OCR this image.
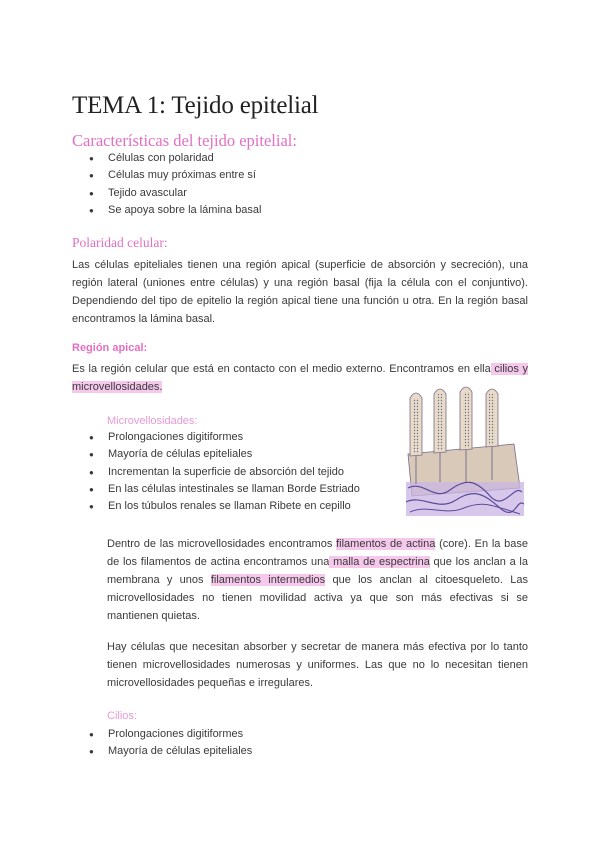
TEMA 1: Tejido epitelial
Características del tejido epitelial:
● Células con polaridad
● Células muy próximas entre sí
● Tejido avascular
● Se apoya sobre la lámina basal
Polaridad celular:

Las células epiteliales tienen una región apical (superficie de absorción y secreción), una región lateral (uniones entre células) y una región basal (fija la célula con el conjuntivo). Dependiendo del tipo de epitelio la región apical tiene una función u otra. En la región basal encontramos la lámina basal.

Región apical:

Es la región celular que está en contacto con el medio externo. Encontramos en ella cilios y microvellosidades.

Microvellosidades:
● Prolongaciones digitiformes
● Mayoría de células epiteliales
● Incrementan la superficie de absorción del tejido
● En las células intestinales se llaman Borde Estriado
● En los túbulos renales se llaman Ribete en cepillo

Dentro de las microvellosidades encontramos filamentos de actina (core). En la base de los filamentos de actina encontramos una malla de espectrina que los anclan a la membrana y unos filamentos intermedios que los anclan al citoesqueleto. Las microvellosidades no tienen movilidad activa ya que son más efectivas si se mantienen quietas.

Hay células que necesitan absorber y secretar de manera más efectiva por lo tanto tienen microvellosidades numerosas y uniformes. Las que no lo necesitan tienen microvellosidades pequeñas e irregulares.

Cilios:
● Prolongaciones digitiformes
● Mayoría de células epiteliales
